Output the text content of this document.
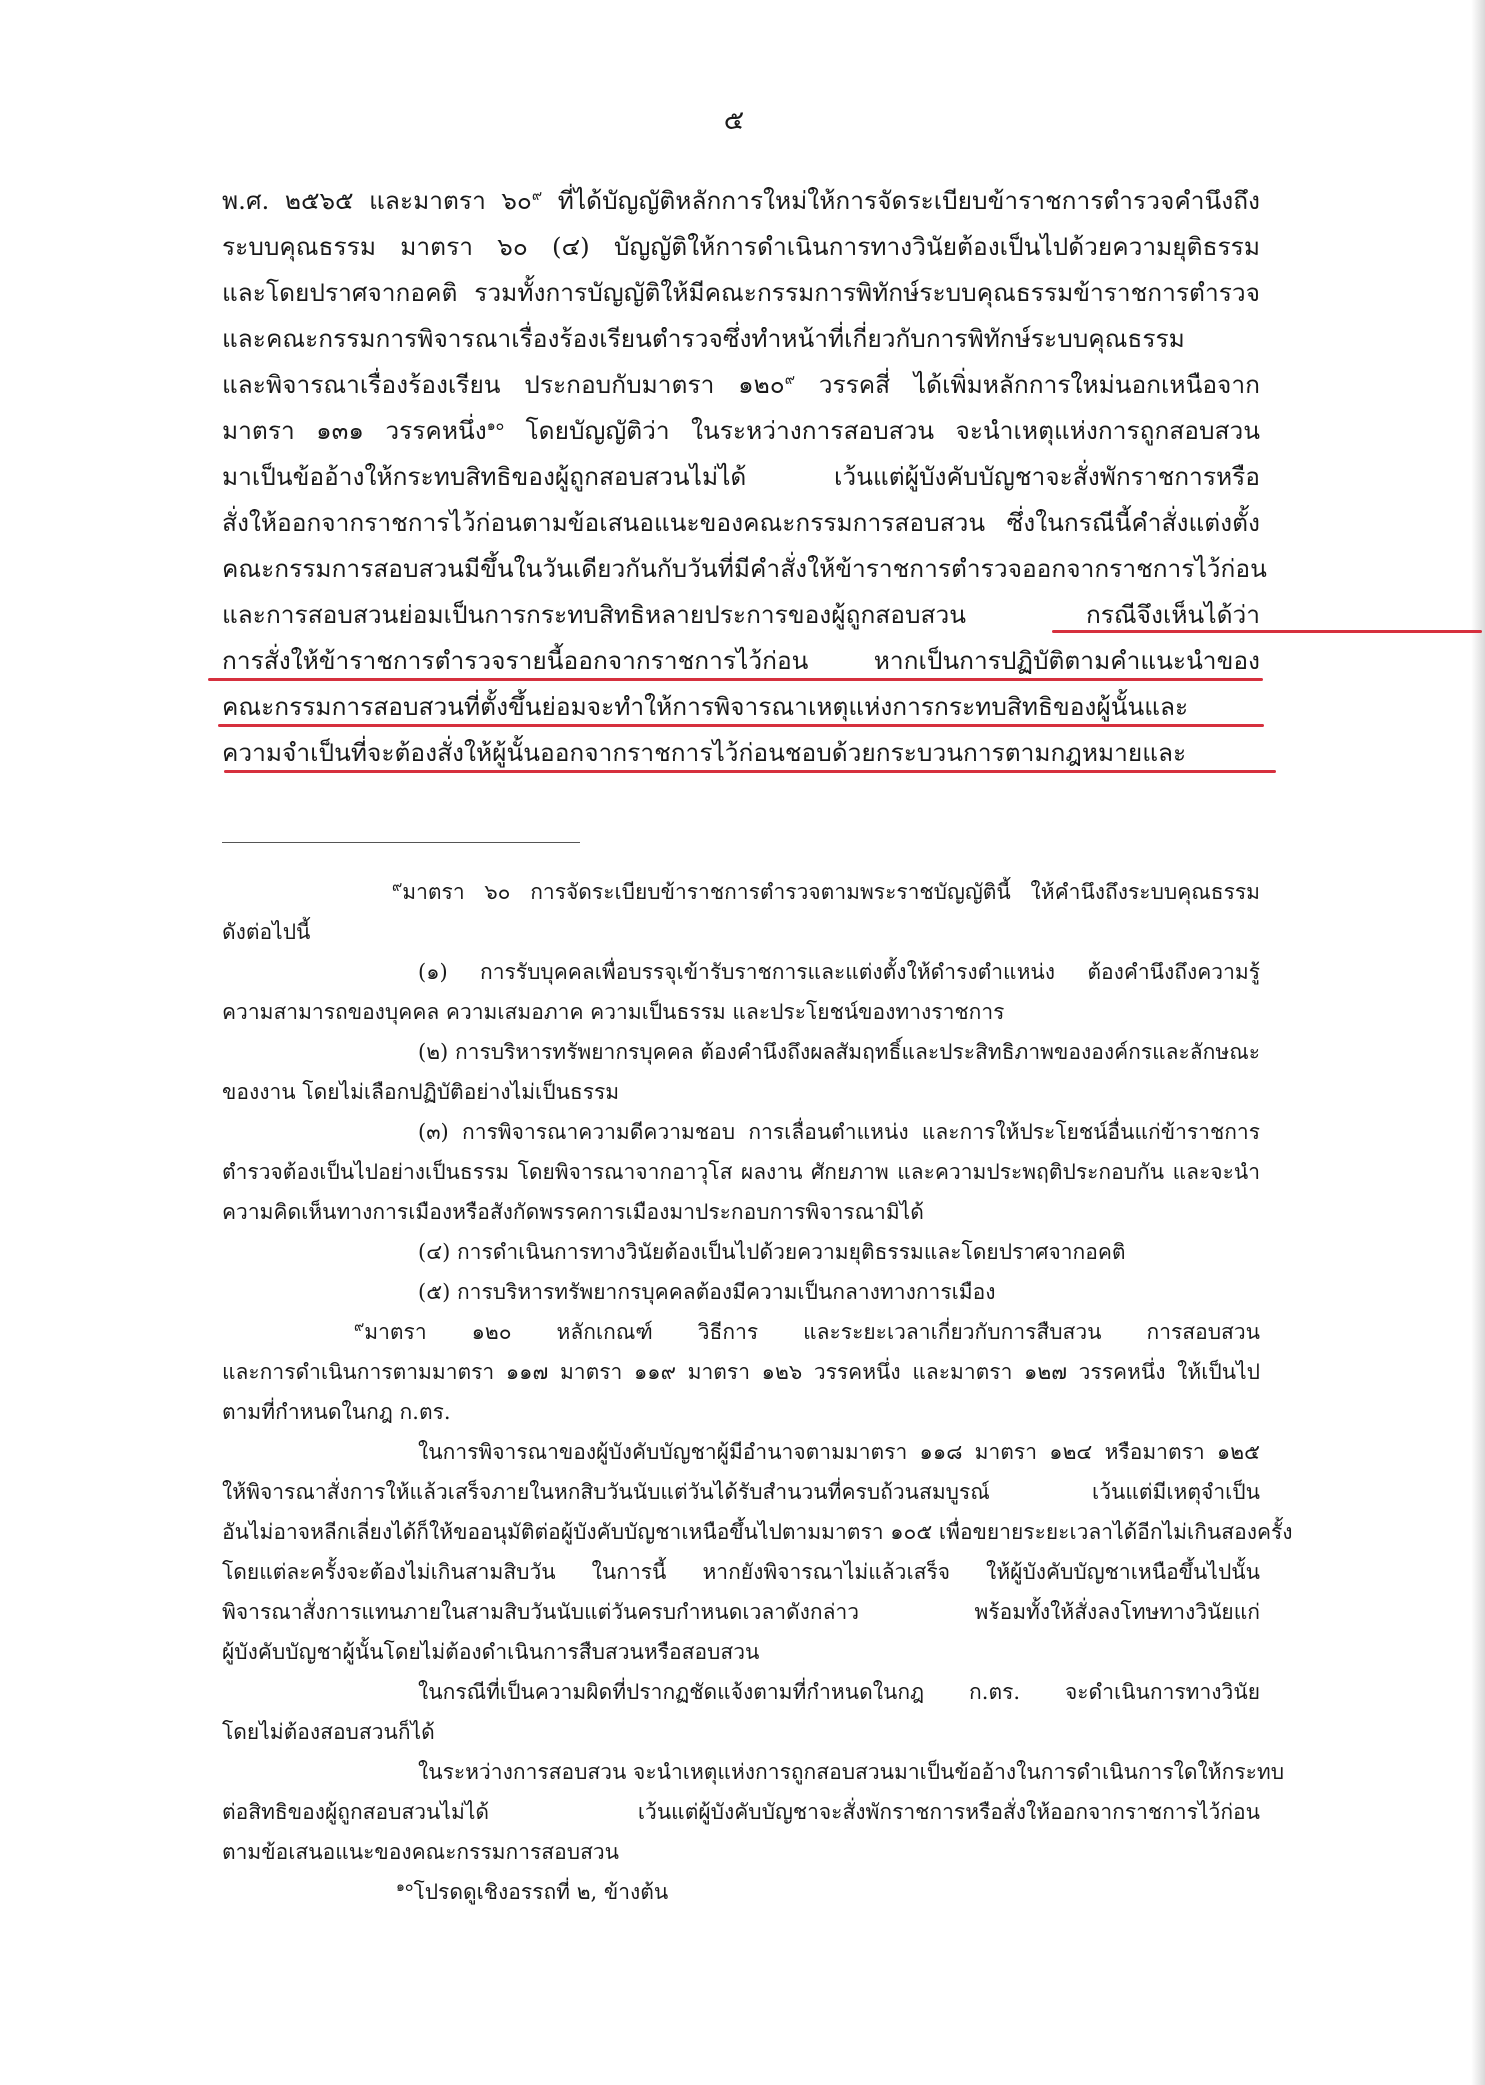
๕
พ.ศ. ๒๕๖๕ และมาตรา ๖๐$^๙$ ที่ได้บัญญัติหลักการใหม่ให้การจัดระเบียบข้าราชการตำรวจคำนึงถึง
ระบบคุณธรรม มาตรา ๖๐ (๔) บัญญัติให้การดำเนินการทางวินัยต้องเป็นไปด้วยความยุติธรรม
และโดยปราศจากอคติ รวมทั้งการบัญญัติให้มีคณะกรรมการพิทักษ์ระบบคุณธรรมข้าราชการตำรวจ
และคณะกรรมการพิจารณาเรื่องร้องเรียนตำรวจซึ่งทำหน้าที่เกี่ยวกับการพิทักษ์ระบบคุณธรรม
และพิจารณาเรื่องร้องเรียน ประกอบกับมาตรา ๑๒๐$^๙$ วรรคสี่ ได้เพิ่มหลักการใหม่นอกเหนือจาก
มาตรา ๑๓๑ วรรคหนึ่ง$^{๑๐}$ โดยบัญญัติว่า ในระหว่างการสอบสวน จะนำเหตุแห่งการถูกสอบสวน
มาเป็นข้ออ้างให้กระทบสิทธิของผู้ถูกสอบสวนไม่ได้ เว้นแต่ผู้บังคับบัญชาจะสั่งพักราชการหรือ
สั่งให้ออกจากราชการไว้ก่อนตามข้อเสนอแนะของคณะกรรมการสอบสวน ซึ่งในกรณีนี้คำสั่งแต่งตั้ง
คณะกรรมการสอบสวนมีขึ้นในวันเดียวกันกับวันที่มีคำสั่งให้ข้าราชการตำรวจออกจากราชการไว้ก่อน
และการสอบสวนย่อมเป็นการกระทบสิทธิหลายประการของผู้ถูกสอบสวน	กรณีจึงเห็นได้ว่า
การสั่งให้ข้าราชการตำรวจรายนี้ออกจากราชการไว้ก่อน หากเป็นการปฏิบัติตามคำแนะนำของ
คณะกรรมการสอบสวนที่ตั้งขึ้นย่อมจะทำให้การพิจารณาเหตุแห่งการกระทบสิทธิของผู้นั้นและ
ความจำเป็นที่จะต้องสั่งให้ผู้นั้นออกจากราชการไว้ก่อนชอบด้วยกระบวนการตามกฎหมายและ
$^๙$มาตรา ๖๐ การจัดระเบียบข้าราชการตำรวจตามพระราชบัญญัตินี้ ให้คำนึงถึงระบบคุณธรรม
ดังต่อไปนี้
(๑) การรับบุคคลเพื่อบรรจุเข้ารับราชการและแต่งตั้งให้ดำรงตำแหน่ง ต้องคำนึงถึงความรู้
ความสามารถของบุคคล ความเสมอภาค ความเป็นธรรม และประโยชน์ของทางราชการ
(๒) การบริหารทรัพยากรบุคคล ต้องคำนึงถึงผลสัมฤทธิ์และประสิทธิภาพขององค์กรและลักษณะ
ของงาน โดยไม่เลือกปฏิบัติอย่างไม่เป็นธรรม
(๓) การพิจารณาความดีความชอบ การเลื่อนตำแหน่ง และการให้ประโยชน์อื่นแก่ข้าราชการ
ตำรวจต้องเป็นไปอย่างเป็นธรรม โดยพิจารณาจากอาวุโส ผลงาน ศักยภาพ และความประพฤติประกอบกัน และจะนำ
ความคิดเห็นทางการเมืองหรือสังกัดพรรคการเมืองมาประกอบการพิจารณามิได้
(๔) การดำเนินการทางวินัยต้องเป็นไปด้วยความยุติธรรมและโดยปราศจากอคติ
(๕) การบริหารทรัพยากรบุคคลต้องมีความเป็นกลางทางการเมือง
$^๙$มาตรา ๑๒๐ หลักเกณฑ์ วิธีการ และระยะเวลาเกี่ยวกับการสืบสวน การสอบสวน
และการดำเนินการตามมาตรา ๑๑๗ มาตรา ๑๑๙ มาตรา ๑๒๖ วรรคหนึ่ง และมาตรา ๑๒๗ วรรคหนึ่ง ให้เป็นไป
ตามที่กำหนดในกฎ ก.ตร.
ในการพิจารณาของผู้บังคับบัญชาผู้มีอำนาจตามมาตรา ๑๑๘ มาตรา ๑๒๔ หรือมาตรา ๑๒๕
ให้พิจารณาสั่งการให้แล้วเสร็จภายในหกสิบวันนับแต่วันได้รับสำนวนที่ครบถ้วนสมบูรณ์ เว้นแต่มีเหตุจำเป็น
อันไม่อาจหลีกเลี่ยงได้ก็ให้ขออนุมัติต่อผู้บังคับบัญชาเหนือขึ้นไปตามมาตรา ๑๐๕ เพื่อขยายระยะเวลาได้อีกไม่เกินสองครั้ง
โดยแต่ละครั้งจะต้องไม่เกินสามสิบวัน ในการนี้ หากยังพิจารณาไม่แล้วเสร็จ ให้ผู้บังคับบัญชาเหนือขึ้นไปนั้น
พิจารณาสั่งการแทนภายในสามสิบวันนับแต่วันครบกำหนดเวลาดังกล่าว พร้อมทั้งให้สั่งลงโทษทางวินัยแก่
ผู้บังคับบัญชาผู้นั้นโดยไม่ต้องดำเนินการสืบสวนหรือสอบสวน
ในกรณีที่เป็นความผิดที่ปรากฏชัดแจ้งตามที่กำหนดในกฎ ก.ตร. จะดำเนินการทางวินัย
โดยไม่ต้องสอบสวนก็ได้
ในระหว่างการสอบสวน จะนำเหตุแห่งการถูกสอบสวนมาเป็นข้ออ้างในการดำเนินการใดให้กระทบ
ต่อสิทธิของผู้ถูกสอบสวนไม่ได้ เว้นแต่ผู้บังคับบัญชาจะสั่งพักราชการหรือสั่งให้ออกจากราชการไว้ก่อน
ตามข้อเสนอแนะของคณะกรรมการสอบสวน
$^{๑๐}$โปรดดูเชิงอรรถที่ ๒, ข้างต้น
